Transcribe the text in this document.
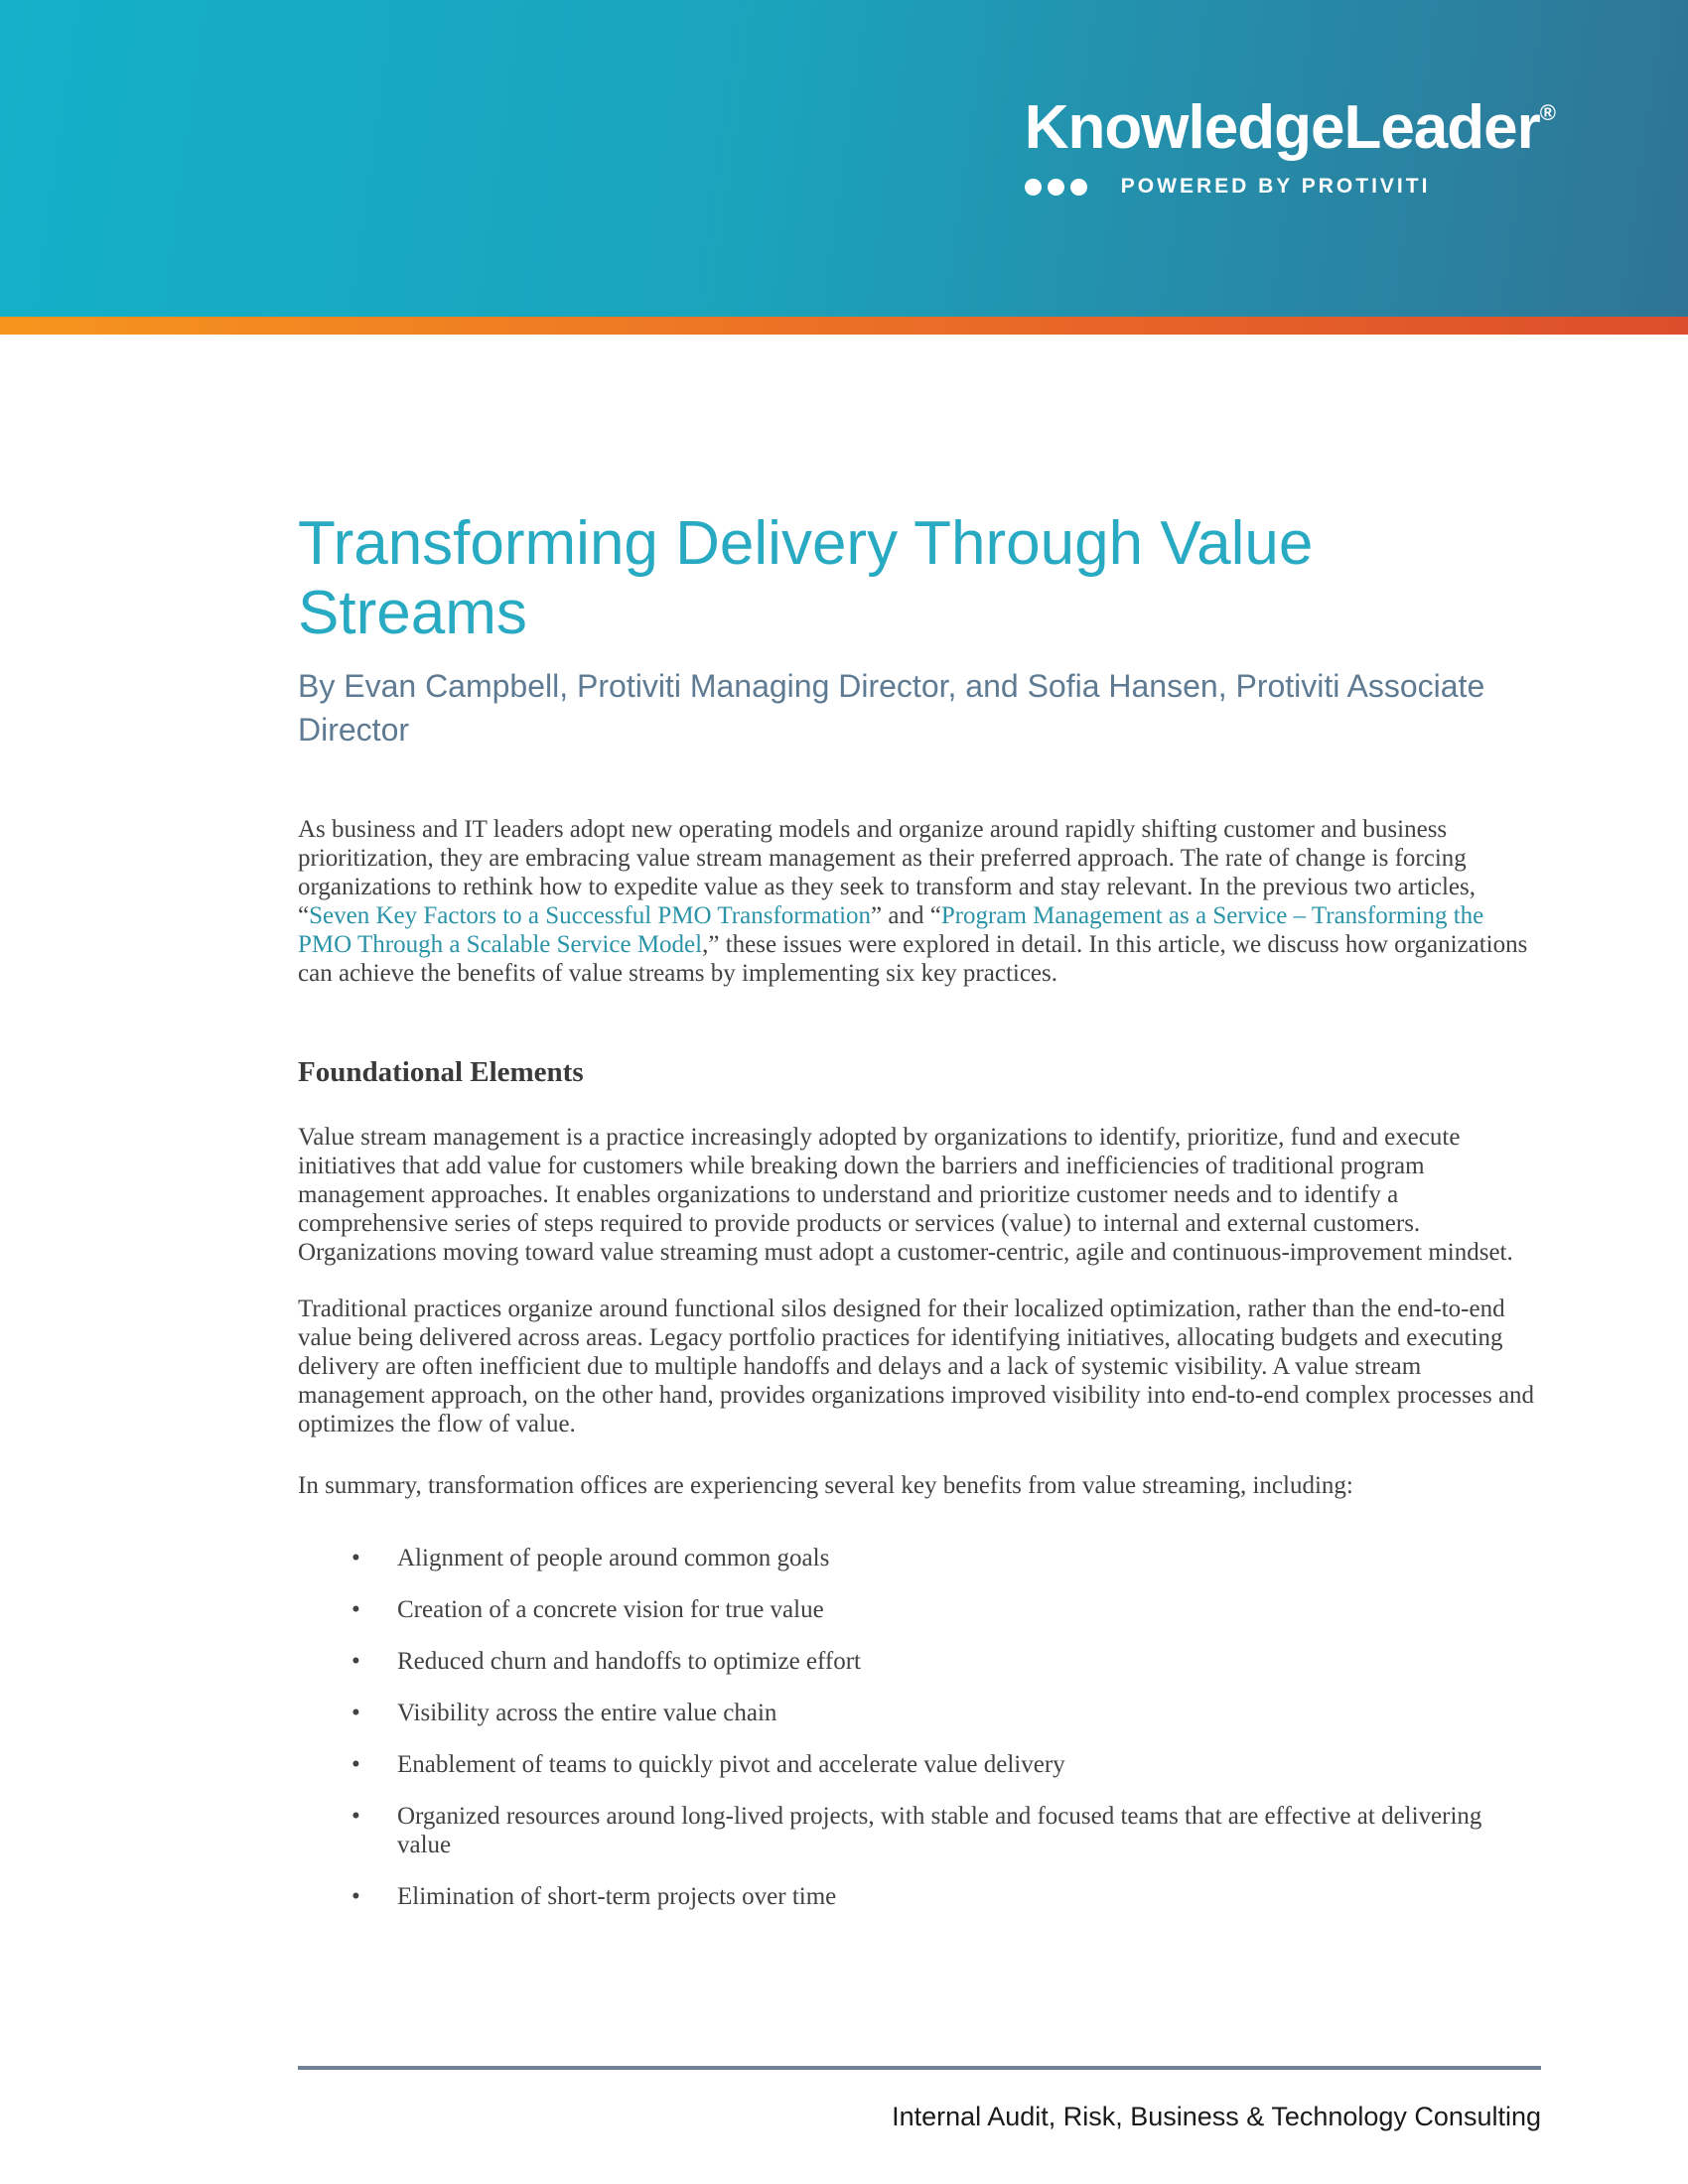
KnowledgeLeader®
POWERED BY PROTIVITI
Transforming Delivery Through Value Streams

By Evan Campbell, Protiviti Managing Director, and Sofia Hansen, Protiviti Associate Director

As business and IT leaders adopt new operating models and organize around rapidly shifting customer and business prioritization, they are embracing value stream management as their preferred approach. The rate of change is forcing organizations to rethink how to expedite value as they seek to transform and stay relevant. In the previous two articles, “Seven Key Factors to a Successful PMO Transformation” and “Program Management as a Service – Transforming the PMO Through a Scalable Service Model,” these issues were explored in detail. In this article, we discuss how organizations can achieve the benefits of value streams by implementing six key practices.

Foundational Elements

Value stream management is a practice increasingly adopted by organizations to identify, prioritize, fund and execute initiatives that add value for customers while breaking down the barriers and inefficiencies of traditional program management approaches. It enables organizations to understand and prioritize customer needs and to identify a comprehensive series of steps required to provide products or services (value) to internal and external customers. Organizations moving toward value streaming must adopt a customer-centric, agile and continuous-improvement mindset.

Traditional practices organize around functional silos designed for their localized optimization, rather than the end-to-end value being delivered across areas. Legacy portfolio practices for identifying initiatives, allocating budgets and executing delivery are often inefficient due to multiple handoffs and delays and a lack of systemic visibility. A value stream management approach, on the other hand, provides organizations improved visibility into end-to-end complex processes and optimizes the flow of value.

In summary, transformation offices are experiencing several key benefits from value streaming, including:

• Alignment of people around common goals
• Creation of a concrete vision for true value
• Reduced churn and handoffs to optimize effort
• Visibility across the entire value chain
• Enablement of teams to quickly pivot and accelerate value delivery
• Organized resources around long-lived projects, with stable and focused teams that are effective at delivering value
• Elimination of short-term projects over time
Internal Audit, Risk, Business & Technology Consulting
